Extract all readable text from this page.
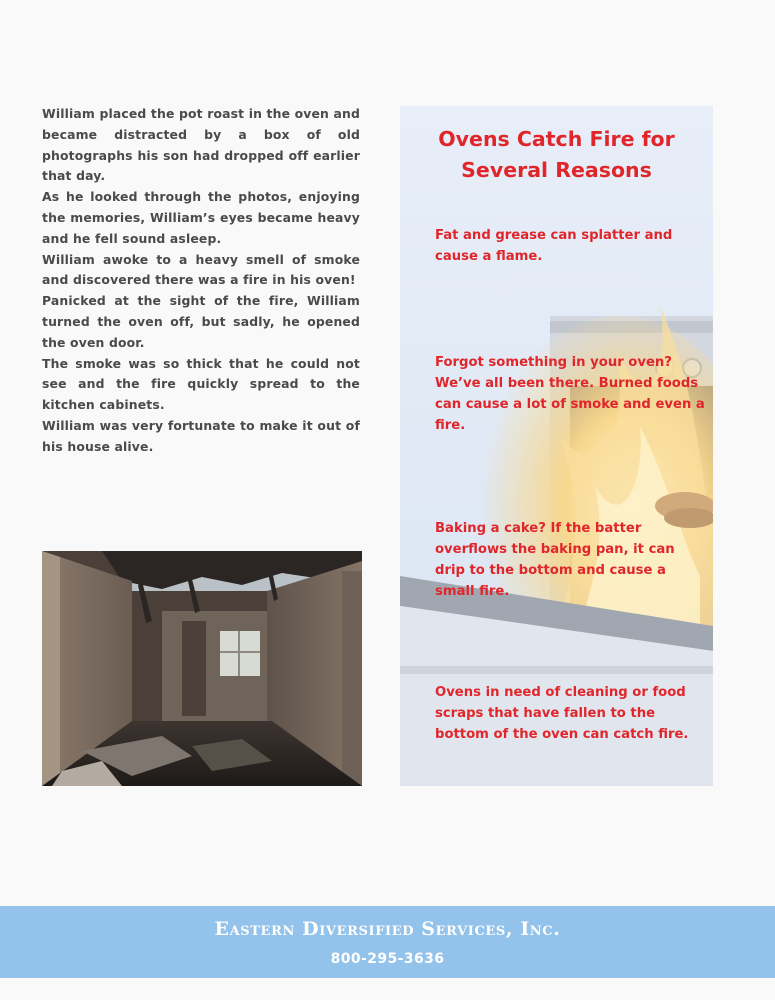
William placed the pot roast in the oven and became distracted by a box of old photographs his son had dropped off earlier that day.

As he looked through the photos, enjoying the memories, William’s eyes became heavy and he fell sound asleep.

William awoke to a heavy smell of smoke and discovered there was a fire in his oven!

Panicked at the sight of the fire, William turned the oven off, but sadly, he opened the oven door.

The smoke was so thick that he could not see and the fire quickly spread to the kitchen cabinets.

William was very fortunate to make it out of his house alive.

Ovens Catch Fire for Several Reasons
Fat and grease can splatter and cause a flame.
Forgot something in your oven? We’ve all been there. Burned foods can cause a lot of smoke and even a fire.
Baking a cake? If the batter overflows the baking pan, it can drip to the bottom and cause a small fire.
Ovens in need of cleaning or food scraps that have fallen to the bottom of the oven can catch fire.
Eastern Diversified Services, Inc.
800-295-3636
